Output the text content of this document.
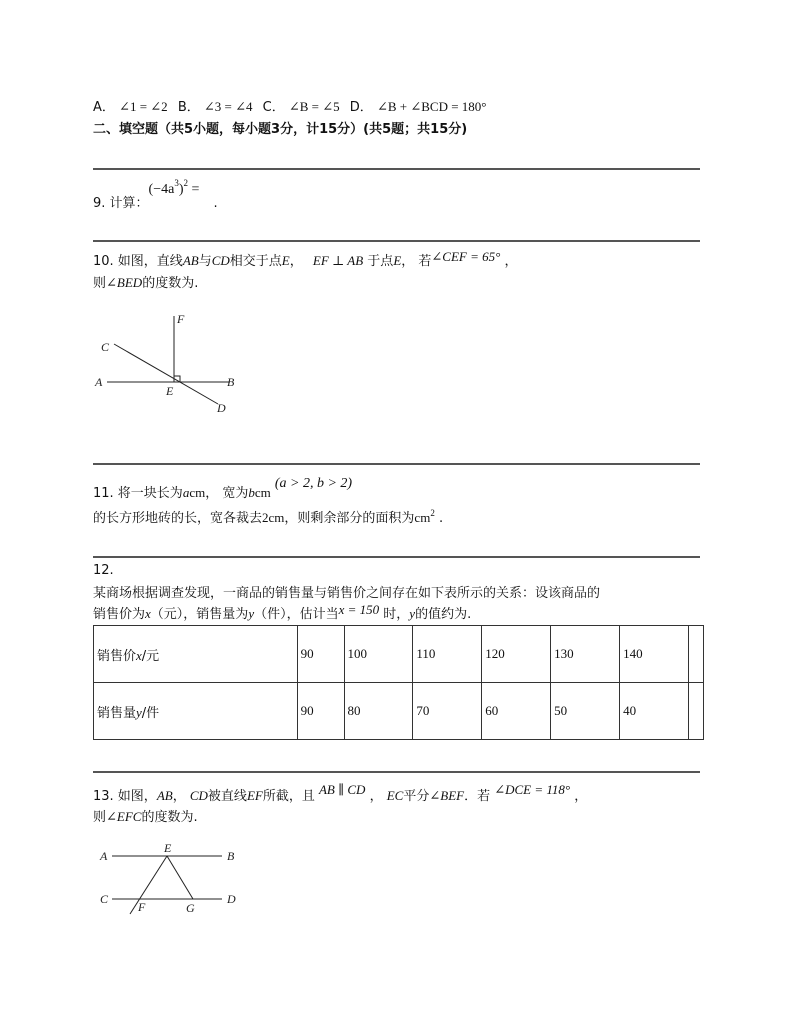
A． ∠1 = ∠2 B． ∠3 = ∠4 C． ∠B = ∠5 D． ∠B + ∠BCD = 180°
二、填空题（共5小题，每小题3分，计15分）(共5题；共15分)
9. 计算：$(-4a^3)^2$ = .
10. 如图，直线AB与CD相交于点E， EF ⊥ AB 于点E， 若∠CEF = 65° ，
则∠BED的度数为.
F
C
A
E
B
D
11. 将一块长为acm， 宽为bcm (a > 2, b > 2)
的长方形地砖的长，宽各裁去2cm，则剩余部分的面积为$cm^2$ .
12.
某商场根据调查发现，一商品的销售量与销售价之间存在如下表所示的关系：设该商品的
销售价为x（元），销售量为y（件），估计当x = 150 时，y的值约为.
销售价x/元	90	100	110	120	130	140	
销售量y/件	90	80	70	60	50	40	
13. 如图，AB， CD被直线EF所截，且 AB ∥ CD ， EC平分∠BEF．若 ∠DCE = 118° ，
则∠EFC的度数为.
A
E
B
C
F	G
D
